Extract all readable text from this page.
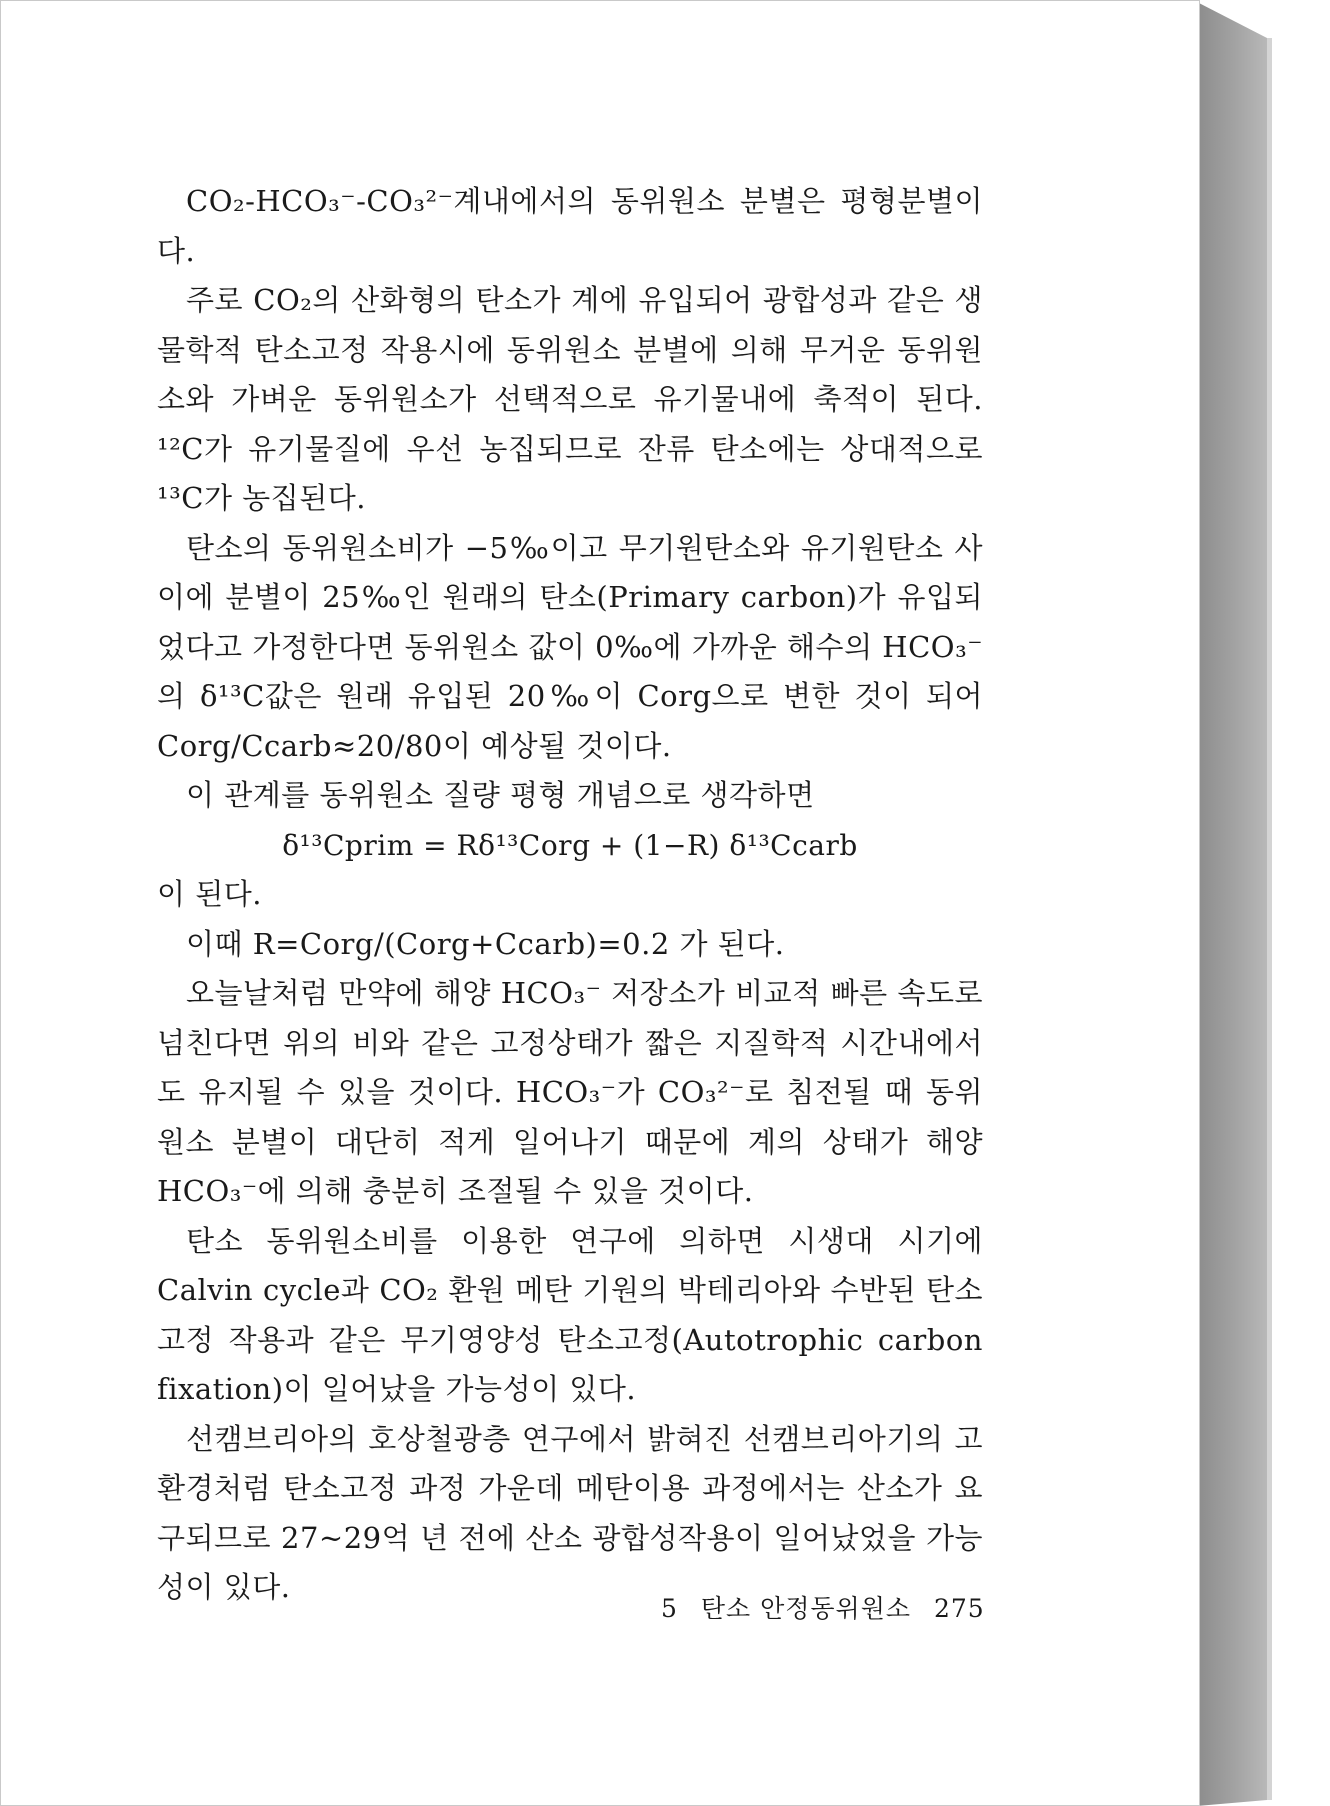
CO₂-HCO₃⁻-CO₃²⁻계내에서의 동위원소 분별은 평형분별이다.

주로 CO₂의 산화형의 탄소가 계에 유입되어 광합성과 같은 생물학적 탄소고정 작용시에 동위원소 분별에 의해 무거운 동위원소와 가벼운 동위원소가 선택적으로 유기물내에 축적이 된다. ¹²C가 유기물질에 우선 농집되므로 잔류 탄소에는 상대적으로 ¹³C가 농집된다.

탄소의 동위원소비가 −5‰이고 무기원탄소와 유기원탄소 사이에 분별이 25‰인 원래의 탄소(Primary carbon)가 유입되었다고 가정한다면 동위원소 값이 0‰에 가까운 해수의 HCO₃⁻의 δ¹³C값은 원래 유입된 20‰이 Corg으로 변한 것이 되어 Corg/Ccarb≈20/80이 예상될 것이다.

이 관계를 동위원소 질량 평형 개념으로 생각하면

δ¹³Cprim = Rδ¹³Corg + (1−R) δ¹³Ccarb

이 된다.

이때 R=Corg/(Corg+Ccarb)=0.2 가 된다.

오늘날처럼 만약에 해양 HCO₃⁻ 저장소가 비교적 빠른 속도로 넘친다면 위의 비와 같은 고정상태가 짧은 지질학적 시간내에서도 유지될 수 있을 것이다. HCO₃⁻가 CO₃²⁻로 침전될 때 동위원소 분별이 대단히 적게 일어나기 때문에 계의 상태가 해양 HCO₃⁻에 의해 충분히 조절될 수 있을 것이다.

탄소 동위원소비를 이용한 연구에 의하면 시생대 시기에 Calvin cycle과 CO₂ 환원 메탄 기원의 박테리아와 수반된 탄소고정 작용과 같은 무기영양성 탄소고정(Autotrophic carbon fixation)이 일어났을 가능성이 있다.

선캠브리아의 호상철광층 연구에서 밝혀진 선캠브리아기의 고환경처럼 탄소고정 과정 가운데 메탄이용 과정에서는 산소가 요구되므로 27~29억 년 전에 산소 광합성작용이 일어났었을 가능성이 있다.

5 탄소 안정동위원소 275
